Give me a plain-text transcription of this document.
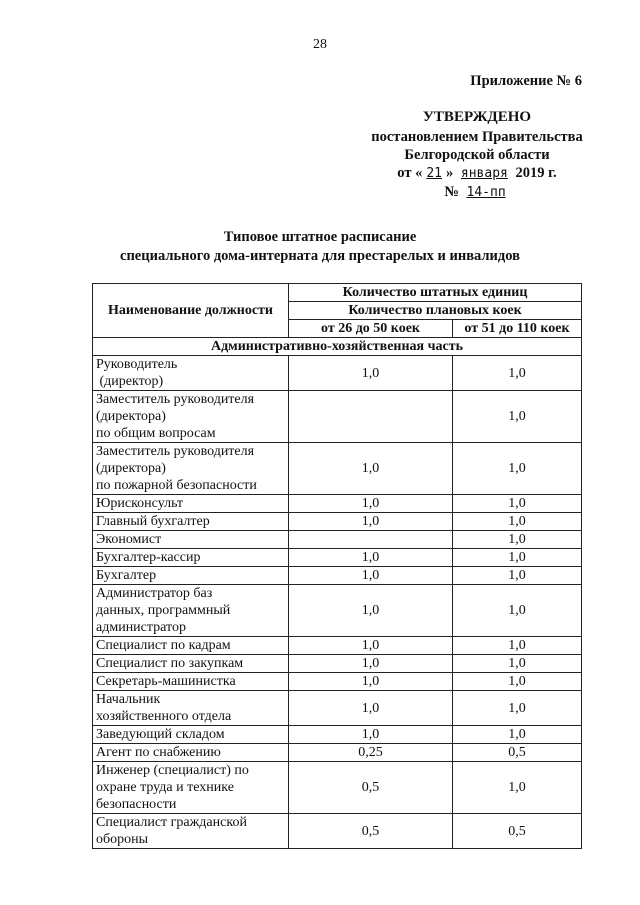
28
Приложение № 6
УТВЕРЖДЕНО
постановлением Правительства
Белгородской области
от « 21 » января 2019 г.
№ 14-пп
Типовое штатное расписание
специального дома-интерната для престарелых и инвалидов
Наименование должности	Количество штатных единиц	
	Количество плановых коек	
	от 26 до 50 коек	от 51 до 110 коек
Административно-хозяйственная часть		

Руководитель
(директор)	1,0	1,0

Заместитель руководителя
(директора)
по общим вопросам		1,0

Заместитель руководителя
(директора)
по пожарной безопасности	1,0	1,0

Юрисконсульт	1,0	1,0

Главный бухгалтер	1,0	1,0

Экономист		1,0

Бухгалтер-кассир	1,0	1,0

Бухгалтер	1,0	1,0

Администратор баз
данных, программный
администратор	1,0	1,0

Специалист по кадрам	1,0	1,0

Специалист по закупкам	1,0	1,0

Секретарь-машинистка	1,0	1,0

Начальник
хозяйственного отдела	1,0	1,0

Заведующий складом	1,0	1,0

Агент по снабжению	0,25	0,5

Инженер (специалист) по
охране труда и технике
безопасности	0,5	1,0

Специалист гражданской
обороны	0,5	0,5
